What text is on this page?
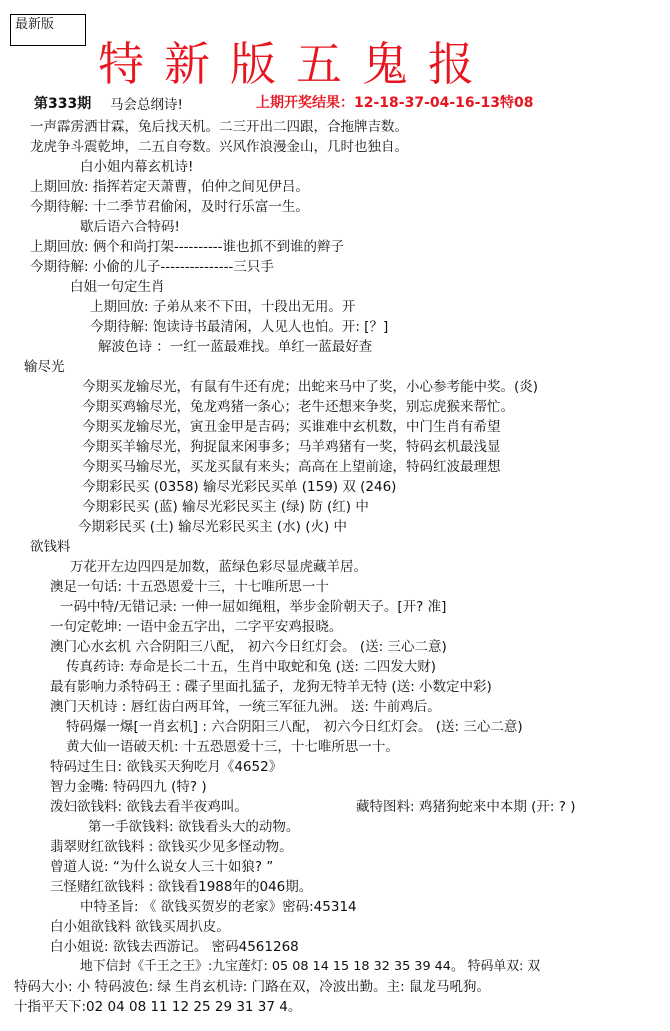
最新版
特新版五鬼报
第333期 马会总纲诗!	上期开奖结果：12-18-37-04-16-13特08
一声霹雳洒甘霖，兔后找天机。二三开出二四跟，合拖牌吉数。
龙虎争斗震乾坤，二五自夸数。兴风作浪漫金山，几时也独自。
白小姐内幕玄机诗!
上期回放: 指挥若定天萧曹，伯仲之间见伊吕。
今期待解: 十二季节君偷闲，及时行乐富一生。
歇后语六合特码!
上期回放: 俩个和尚打架----------谁也抓不到谁的辫子
今期待解: 小偷的儿子---------------三只手
白姐一句定生肖
上期回放: 子弟从来不下田，十段出无用。开
今期待解: 饱读诗书最清闲，人见人也怕。开: [？]
解波色诗 ：一红一蓝最难找。单红一蓝最好查
输尽光
今期买龙输尽光，有鼠有牛还有虎；出蛇来马中了奖，小心参考能中奖。(炎)
今期买鸡输尽光，兔龙鸡猪一条心；老牛还想来争奖，别忘虎猴来帮忙。
今期买龙输尽光，寅丑金甲是吉码；买谁难中玄机数，中门生肖有希望
今期买羊输尽光，狗捉鼠来闲事多；马羊鸡猪有一奖，特码玄机最浅显
今期买马输尽光，买龙买鼠有来头；高高在上望前途，特码红波最理想
今期彩民买 (0358) 输尽光彩民买单 (159) 双 (246)
今期彩民买 (蓝) 输尽光彩民买主 (绿) 防 (红) 中
今期彩民买 (土) 输尽光彩民买主 (水) (火) 中
欲钱料
万花开左边四四是加数，蓝绿色彩尽显虎藏羊居。
澳足一句话: 十五恐恩爱十三，十七唯所思一十
一码中特/无错记录: 一伸一屈如绳粗，举步金阶朝天子。[开? 准]
一句定乾坤: 一语中金五字出，二字平安鸡报晓。
澳门心水玄机 六合阴阳三八配， 初六今日红灯会。 (送: 三心二意)
传真药诗: 寿命是长二十五，生肖中取蛇和兔 (送: 二四发大财)
最有影响力杀特码王 : 碟子里面扎猛子，龙狗无特羊无特 (送: 小数定中彩)
澳门天机诗 : 唇红齿白两耳耸，一统三军征九洲。 送: 牛前鸡后。
特码爆一爆[一肖玄机] : 六合阴阳三八配， 初六今日红灯会。 (送: 三心二意)
黄大仙一语破天机: 十五恐恩爱十三，十七唯所思一十。
特码过生日: 欲钱买天狗吃月《4652》
智力金嘴: 特码四九 (特? )
泼妇欲钱料: 欲钱去看半夜鸡叫。	藏特图料: 鸡猪狗蛇来中本期 (开: ? )
第一手欲钱料: 欲钱看头大的动物。
翡翠财红欲钱料 : 欲钱买少见多怪动物。
曾道人说: “为什么说女人三十如狼? ”
三怪赌红欲钱料 : 欲钱看1988年的046期。
中特圣旨: 《 欲钱买贺岁的老家》密码:45314
白小姐欲钱料 欲钱买周扒皮。
白小姐说: 欲钱去西游记。 密码4561268
地下信封《千王之王》:九宝莲灯: 05 08 14 15 18 32 35 39 44。 特码单双: 双
特码大小: 小 特码波色: 绿 生肖玄机诗: 门路在双，冷波出勤。主: 鼠龙马吼狗。
十指平天下:02 04 08 11 12 25 29 31 37 4。
